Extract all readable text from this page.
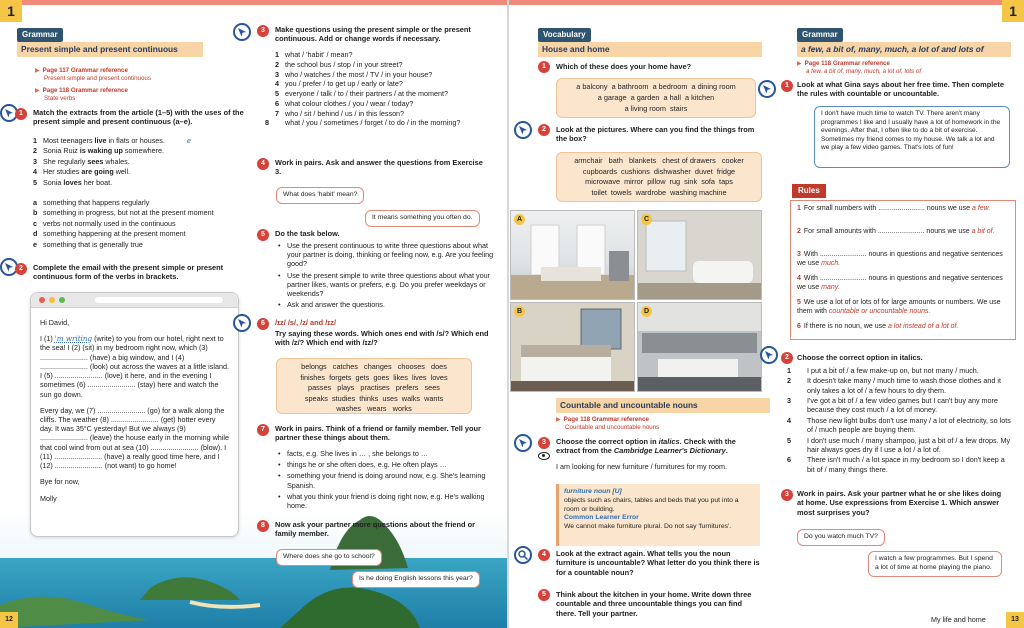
1
Grammar
Present simple and present continuous
▶ Page 117 Grammar reference
Present simple and present continuous
▶ Page 118 Grammar reference
State verbs
1	Match the extracts from the article (1–5) with the uses of the present simple and present continuous (a–e).
1 Most teenagers live in flats or houses.	e
2 Sonia Ruiz is waking up somewhere.
3 She regularly sees whales.
4 Her studies are going well.
5 Sonia loves her boat.
a something that happens regularly
b something in progress, but not at the present moment
c verbs not normally used in the continuous
d something happening at the present moment
e something that is generally true
2	Complete the email with the present simple or present continuous form of the verbs in brackets.

Hi David,

I (1) 'm writing (write) to you from our hotel, right next to the sea! I (2) (sit) in my bedroom right now, which (3) ........................ (have) a big window, and I (4) ........................ (look) out across the waves at a little island. I (5) ........................ (love) it here, and in the evening I sometimes (6) ........................ (stay) here and watch the sun go down.

Every day, we (7) ........................ (go) for a walk along the cliffs. The weather (8) ........................ (get) hotter every day. It was 35°C yesterday! But we always (9) ........................ (leave) the house early in the morning while that cool wind from out at sea (10) ........................ (blow). I (11) ........................ (have) a really good time here, and I (12) ........................ (not want) to go home!

Bye for now,

Molly

3	Make questions using the present simple or the present continuous. Add or change words if necessary.
1 what / 'habit' / mean?
2 the school bus / stop / in your street?
3 who / watches / the most / TV / in your house?
4 you / prefer / to get up / early or late?
5 everyone / talk / to / their partners / at the moment?
6 what colour clothes / you / wear / today?
7 who / sit / behind / us / in this lesson?
8 what / you / sometimes / forget / to do / in the morning?
4	Work in pairs. Ask and answer the questions from Exercise 3.
What does 'habit' mean?
It means something you often do.
5	Do the task below.
• Use the present continuous to write three questions about what your partner is doing, thinking or feeling now, e.g. Are you feeling good?
• Use the present simple to write three questions about what your partner likes, wants or prefers, e.g. Do you prefer weekdays or weekends?
• Ask and answer the questions.
6	/ɪz/ /s/, /z/ and /ɪz/
Try saying these words. Which ones end with /s/? Which end with /z/? Which end with /ɪz/?
belongs catches changes chooses does
finishes forgets gets goes likes lives loves
passes plays practises prefers sees
speaks studies thinks uses walks wants
washes wears works
7	Work in pairs. Think of a friend or family member. Tell your partner these things about them.
• facts, e.g. She lives in … , she belongs to …
• things he or she often does, e.g. He often plays …
• something your friend is doing around now, e.g. She's learning Spanish.
• what you think your friend is doing right now, e.g. He's walking home.
8	Now ask your partner more questions about the friend or family member.
Where does she go to school?
Is he doing English lessons this year?
12
1
13
My life and home
Vocabulary
House and home
1	Which of these does your home have?
a balcony a bathroom a bedroom a dining room
a garage a garden a hall a kitchen
a living room stairs
2	Look at the pictures. Where can you find the things from the box?
armchair bath blankets chest of drawers cooker
cupboards cushions dishwasher duvet fridge
microwave mirror pillow rug sink sofa taps
toilet towels wardrobe washing machine
A	C
B	D
Countable and uncountable nouns
▶ Page 118 Grammar reference
Countable and uncountable nouns
3	Choose the correct option in italics. Check with the extract from the Cambridge Learner's Dictionary.
I am looking for new furniture / furnitures for my room.
furniture noun [U]
objects such as chairs, tables and beds that you put into a room or building.
Common Learner Error
We cannot make furniture plural. Do not say 'furnitures'.
4	Look at the extract again. What tells you the noun furniture is uncountable? What letter do you think there is for a countable noun?
5	Think about the kitchen in your home. Write down three countable and three uncountable things you can find there. Tell your partner.
Grammar
a few, a bit of, many, much, a lot of and lots of
▶ Page 118 Grammar reference
a few, a bit of, many, much, a lot of, lots of
1	Look at what Gina says about her free time. Then complete the rules with countable or uncountable.
I don't have much time to watch TV. There aren't many programmes I like and I usually have a lot of homework in the evenings. After that, I often like to do a bit of exercise. Sometimes my friend comes to my house. We talk a lot and we play a few video games. That's lots of fun!
Rules
1 For small numbers with ........................ nouns we use a few.
2 For small amounts with ........................ nouns we use a bit of.
3 With ........................ nouns in questions and negative sentences we use much.
4 With ........................ nouns in questions and negative sentences we use many.
5 We use a lot of or lots of for large amounts or numbers. We use them with countable or uncountable nouns.
6 If there is no noun, we use a lot instead of a lot of.
2	Choose the correct option in italics.
1 I put a bit of / a few make-up on, but not many / much.
2 It doesn't take many / much time to wash those clothes and it only takes a lot of / a few hours to dry them.
3 I've got a bit of / a few video games but I can't buy any more because they cost much / a lot of money.
4 Those new light bulbs don't use many / a lot of electricity, so lots of / much people are buying them.
5 I don't use much / many shampoo, just a bit of / a few drops. My hair always goes dry if I use a lot / a lot of.
6 There isn't much / a lot space in my bedroom so I don't keep a bit of / many things there.
3	Work in pairs. Ask your partner what he or she likes doing at home. Use expressions from Exercise 1. Which answer most surprises you?
Do you watch much TV?
I watch a few programmes. But I spend a lot of time at home playing the piano.
